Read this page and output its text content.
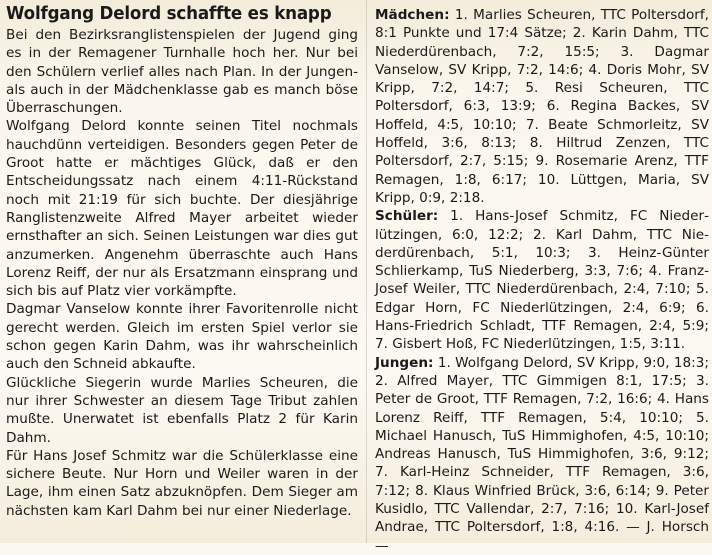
Wolfgang Delord schaffte es knapp

Bei den Bezirksranglistenspielen der Jugend ging es in der Remagener Turnhalle hoch her. Nur bei den Schülern verlief alles nach Plan. In der Jungen- als auch in der Mädchenklasse gab es manch böse Überraschungen.

Wolfgang Delord konnte seinen Titel nochmals hauchdünn verteidigen. Besonders gegen Peter de Groot hatte er mächtiges Glück, daß er den Entscheidungssatz nach einem 4:11-Rückstand noch mit 21:19 für sich buchte. Der diesjährige Ranglistenzweite Alfred Mayer arbeitet wieder ernsthafter an sich. Seinen Leistungen war dies gut anzumerken. Angenehm überraschte auch Hans Lorenz Reiff, der nur als Ersatzmann einsprang und sich bis auf Platz vier vorkämpfte.

Dagmar Vanselow konnte ihrer Favoritenrolle nicht gerecht werden. Gleich im ersten Spiel verlor sie schon gegen Karin Dahm, was ihr wahrscheinlich auch den Schneid abkaufte.

Glückliche Siegerin wurde Marlies Scheuren, die nur ihrer Schwester an diesem Tage Tribut zahlen mußte. Unerwatet ist ebenfalls Platz 2 für Karin Dahm.

Für Hans Josef Schmitz war die Schülerklasse eine sichere Beute. Nur Horn und Weiler waren in der Lage, ihm einen Satz abzuknöpfen. Dem Sieger am nächsten kam Karl Dahm bei nur einer Niederlage.

Mädchen: 1. Marlies Scheuren, TTC Poltersdorf, 8:1 Punkte und 17:4 Sätze; 2. Karin Dahm, TTC Niederdürenbach, 7:2, 15:5; 3. Dagmar Vanselow, SV Kripp, 7:2, 14:6; 4. Doris Mohr, SV Kripp, 7:2, 14:7; 5. Resi Scheuren, TTC Poltersdorf, 6:3, 13:9; 6. Regina Backes, SV Hoffeld, 4:5, 10:10; 7. Beate Schmorleitz, SV Hoffeld, 3:6, 8:13; 8. Hiltrud Zenzen, TTC Poltersdorf, 2:7, 5:15; 9. Rosemarie Arenz, TTF Remagen, 1:8, 6:17; 10. Lüttgen, Maria, SV Kripp, 0:9, 2:18.

Schüler: 1. Hans-Josef Schmitz, FC Niederlützingen, 6:0, 12:2; 2. Karl Dahm, TTC Niederdürenbach, 5:1, 10:3; 3. Heinz-Günter Schlierkamp, TuS Niederberg, 3:3, 7:6; 4. Franz-Josef Weiler, TTC Niederdürenbach, 2:4, 7:10; 5. Edgar Horn, FC Niederlützingen, 2:4, 6:9; 6. Hans-Friedrich Schladt, TTF Remagen, 2:4, 5:9; 7. Gisbert Hoß, FC Niederlützingen, 1:5, 3:11.

Jungen: 1. Wolfgang Delord, SV Kripp, 9:0, 18:3; 2. Alfred Mayer, TTC Gimmigen 8:1, 17:5; 3. Peter de Groot, TTF Remagen, 7:2, 16:6; 4. Hans Lorenz Reiff, TTF Remagen, 5:4, 10:10; 5. Michael Hanusch, TuS Himmighofen, 4:5, 10:10; Andreas Hanusch, TuS Himmighofen, 3:6, 9:12; 7. Karl-Heinz Schneider, TTF Remagen, 3:6, 7:12; 8. Klaus Winfried Brück, 3:6, 6:14; 9. Peter Kusidlo, TTC Vallendar, 2:7, 7:16; 10. Karl-Josef Andrae, TTC Poltersdorf, 1:8, 4:16. — J. Horsch —
